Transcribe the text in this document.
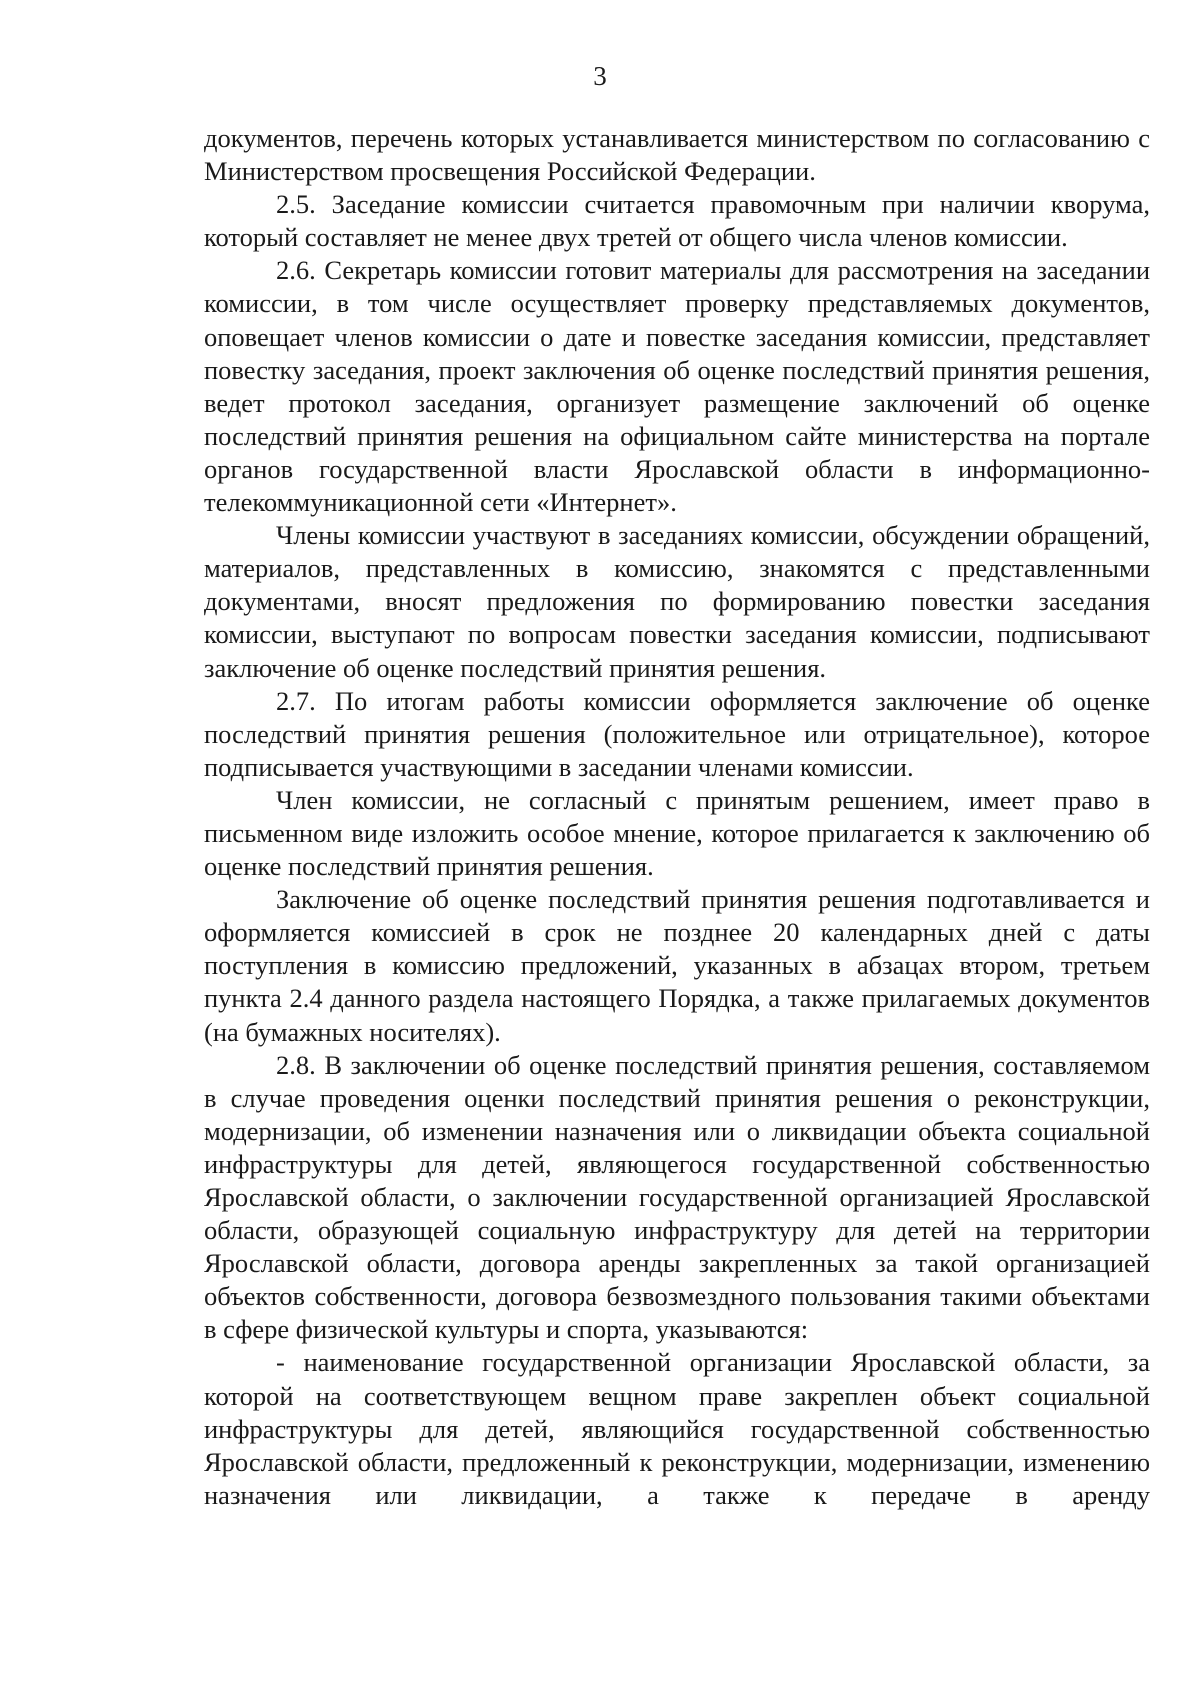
3

документов, перечень которых устанавливается министерством по согласованию с Министерством просвещения Российской Федерации.

2.5. Заседание комиссии считается правомочным при наличии кворума, который составляет не менее двух третей от общего числа членов комиссии.

2.6. Секретарь комиссии готовит материалы для рассмотрения на заседании комиссии, в том числе осуществляет проверку представляемых документов, оповещает членов комиссии о дате и повестке заседания комиссии, представляет повестку заседания, проект заключения об оценке последствий принятия решения, ведет протокол заседания, организует размещение заключений об оценке последствий принятия решения на официальном сайте министерства на портале органов государственной власти Ярославской области в информационно-телекоммуникационной сети «Интернет».

Члены комиссии участвуют в заседаниях комиссии, обсуждении обращений, материалов, представленных в комиссию, знакомятся с представленными документами, вносят предложения по формированию повестки заседания комиссии, выступают по вопросам повестки заседания комиссии, подписывают заключение об оценке последствий принятия решения.

2.7. По итогам работы комиссии оформляется заключение об оценке последствий принятия решения (положительное или отрицательное), которое подписывается участвующими в заседании членами комиссии.

Член комиссии, не согласный с принятым решением, имеет право в письменном виде изложить особое мнение, которое прилагается к заключению об оценке последствий принятия решения.

Заключение об оценке последствий принятия решения подготавливается и оформляется комиссией в срок не позднее 20 календарных дней с даты поступления в комиссию предложений, указанных в абзацах втором, третьем пункта 2.4 данного раздела настоящего Порядка, а также прилагаемых документов (на бумажных носителях).

2.8. В заключении об оценке последствий принятия решения, составляемом в случае проведения оценки последствий принятия решения о реконструкции, модернизации, об изменении назначения или о ликвидации объекта социальной инфраструктуры для детей, являющегося государственной собственностью Ярославской области, о заключении государственной организацией Ярославской области, образующей социальную инфраструктуру для детей на территории Ярославской области, договора аренды закрепленных за такой организацией объектов собственности, договора безвозмездного пользования такими объектами в сфере физической культуры и спорта, указываются:

- наименование государственной организации Ярославской области, за которой на соответствующем вещном праве закреплен объект социальной инфраструктуры для детей, являющийся государственной собственностью Ярославской области, предложенный к реконструкции, модернизации, изменению назначения или ликвидации, а также к передаче в аренду
